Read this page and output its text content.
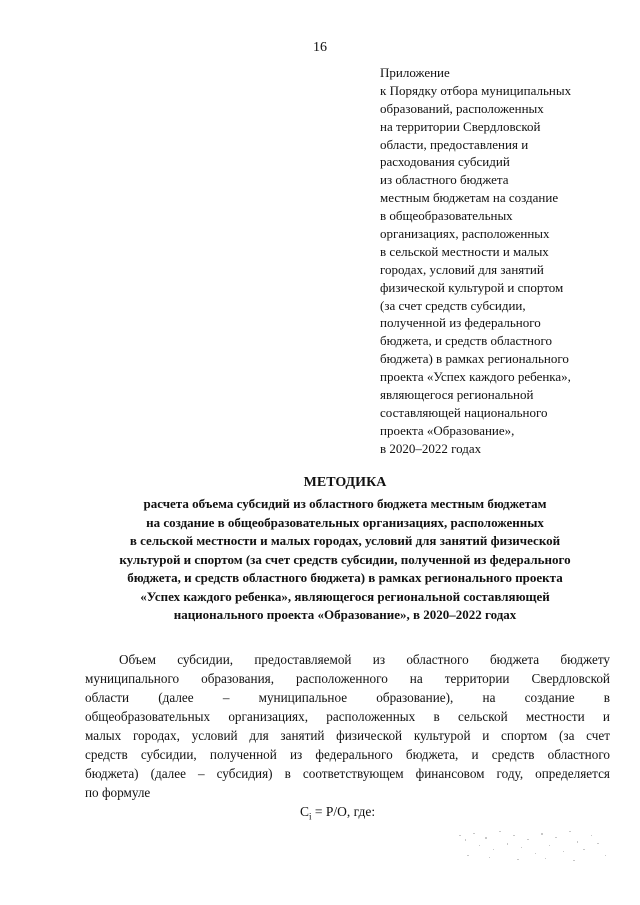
16
Приложение
к Порядку отбора муниципальных
образований, расположенных
на территории Свердловской
области, предоставления и
расходования субсидий
из областного бюджета
местным бюджетам на создание
в общеобразовательных
организациях, расположенных
в сельской местности и малых
городах, условий для занятий
физической культурой и спортом
(за счет средств субсидии,
полученной из федерального
бюджета, и средств областного
бюджета) в рамках регионального
проекта «Успех каждого ребенка»,
являющегося региональной
составляющей национального
проекта «Образование»,
в 2020–2022 годах
МЕТОДИКА
расчета объема субсидий из областного бюджета местным бюджетам
на создание в общеобразовательных организациях, расположенных
в сельской местности и малых городах, условий для занятий физической
культурой и спортом (за счет средств субсидии, полученной из федерального
бюджета, и средств областного бюджета) в рамках регионального проекта
«Успех каждого ребенка», являющегося региональной составляющей
национального проекта «Образование», в 2020–2022 годах
Объем субсидии, предоставляемой из областного бюджета бюджету
муниципального образования, расположенного на территории Свердловской
области (далее – муниципальное образование), на создание в
общеобразовательных организациях, расположенных в сельской местности и
малых городах, условий для занятий физической культурой и спортом (за счет
средств субсидии, полученной из федерального бюджета, и средств областного
бюджета) (далее – субсидия) в соответствующем финансовом году, определяется
по формуле
$С_i = Р/О$, где:
